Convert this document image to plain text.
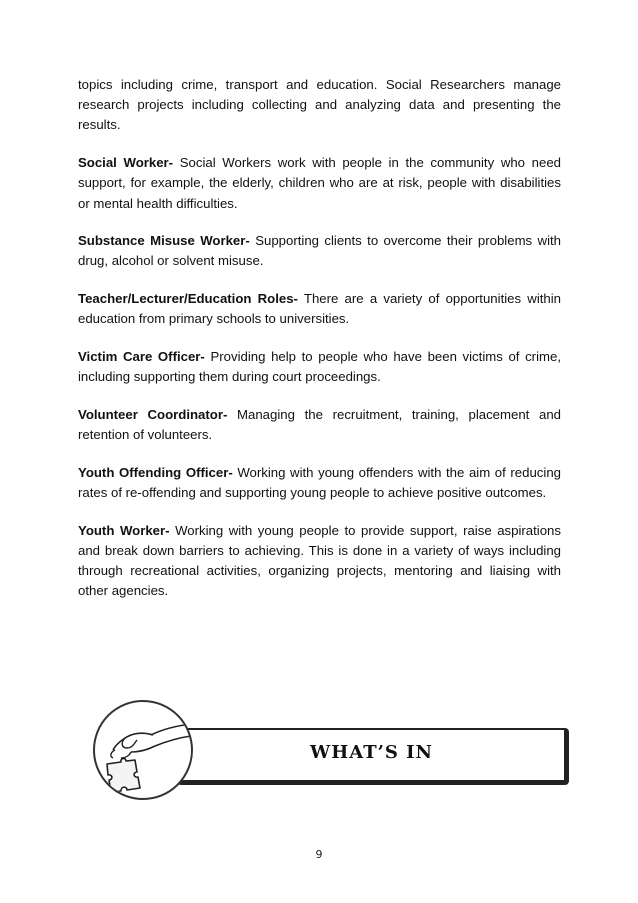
topics including crime, transport and education. Social Researchers manage research projects including collecting and analyzing data and presenting the results.

Social Worker- Social Workers work with people in the community who need support, for example, the elderly, children who are at risk, people with disabilities or mental health difficulties.

Substance Misuse Worker- Supporting clients to overcome their problems with drug, alcohol or solvent misuse.

Teacher/Lecturer/Education Roles- There are a variety of opportunities within education from primary schools to universities.

Victim Care Officer- Providing help to people who have been victims of crime, including supporting them during court proceedings.

Volunteer Coordinator- Managing the recruitment, training, placement and retention of volunteers.

Youth Offending Officer- Working with young offenders with the aim of reducing rates of re-offending and supporting young people to achieve positive outcomes.

Youth Worker- Working with young people to provide support, raise aspirations and break down barriers to achieving. This is done in a variety of ways including through recreational activities, organizing projects, mentoring and liaising with other agencies.

WHAT’S IN
9
